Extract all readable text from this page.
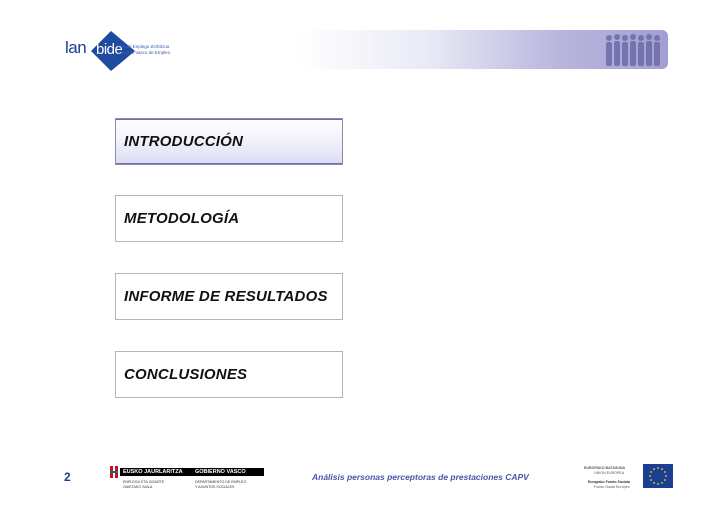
lan bide
Euskal Enplegu Zerbitzua
Servicio Vasco de Empleo
INTRODUCCIÓN
METODOLOGÍA
INFORME DE RESULTADOS
CONCLUSIONES
2	EUSKO JAURLARITZA GOBIERNO VASCO
ENPLEGU ETA GIZARTE
GAIETAKO SAILA
DEPARTAMENTO DE EMPLEO
Y ASUNTOS SOCIALES
Análisis personas perceptoras de prestaciones CAPV
EUROPAKO BATASUNA
UNION EUROPEA
Europako Fondo Soziala
Fondo Social Europeo
